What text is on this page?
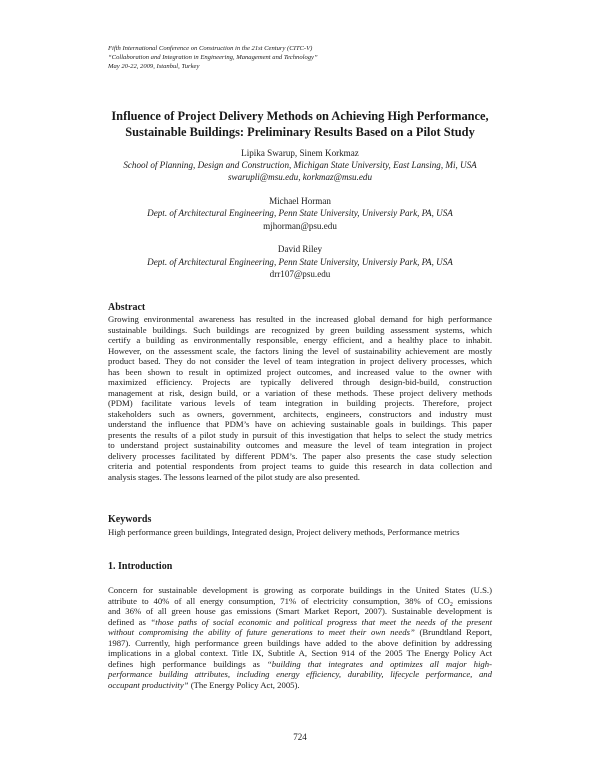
Fifth International Conference on Construction in the 21st Century (CITC-V)
“Collaboration and Integration in Engineering, Management and Technology”
May 20-22, 2009, Istanbul, Turkey
Influence of Project Delivery Methods on Achieving High Performance,
Sustainable Buildings: Preliminary Results Based on a Pilot Study
Lipika Swarup, Sinem Korkmaz
School of Planning, Design and Construction, Michigan State University, East Lansing, Mi, USA
swarupli@msu.edu, korkmaz@msu.edu
Michael Horman
Dept. of Architectural Engineering, Penn State University, Universiy Park, PA, USA
mjhorman@psu.edu
David Riley
Dept. of Architectural Engineering, Penn State University, Universiy Park, PA, USA
drr107@psu.edu
Abstract
Growing environmental awareness has resulted in the increased global demand for high performance
sustainable buildings. Such buildings are recognized by green building assessment systems, which
certify a building as environmentally responsible, energy efficient, and a healthy place to inhabit.
However, on the assessment scale, the factors lining the level of sustainability achievement are mostly
product based. They do not consider the level of team integration in project delivery processes, which
has been shown to result in optimized project outcomes, and increased value to the owner with
maximized efficiency. Projects are typically delivered through design-bid-build, construction
management at risk, design build, or a variation of these methods. These project delivery methods
(PDM) facilitate various levels of team integration in building projects. Therefore, project
stakeholders such as owners, government, architects, engineers, constructors and industry must
understand the influence that PDM’s have on achieving sustainable goals in buildings. This paper
presents the results of a pilot study in pursuit of this investigation that helps to select the study metrics
to understand project sustainability outcomes and measure the level of team integration in project
delivery processes facilitated by different PDM’s. The paper also presents the case study selection
criteria and potential respondents from project teams to guide this research in data collection and
analysis stages. The lessons learned of the pilot study are also presented.
Keywords
High performance green buildings, Integrated design, Project delivery methods, Performance metrics
1. Introduction
Concern for sustainable development is growing as corporate buildings in the United States (U.S.)
attribute to 40% of all energy consumption, 71% of electricity consumption, 38% of $CO_2$ emissions
and 36% of all green house gas emissions (Smart Market Report, 2007). Sustainable development is
defined as “those paths of social economic and political progress that meet the needs of the present
without compromising the ability of future generations to meet their own needs” (Brundtland Report,
1987). Currently, high performance green buildings have added to the above definition by addressing
implications in a global context. Title IX, Subtitle A, Section 914 of the 2005 The Energy Policy Act
defines high performance buildings as “building that integrates and optimizes all major high-
performance building attributes, including energy efficiency, durability, lifecycle performance, and
occupant productivity” (The Energy Policy Act, 2005).
724
